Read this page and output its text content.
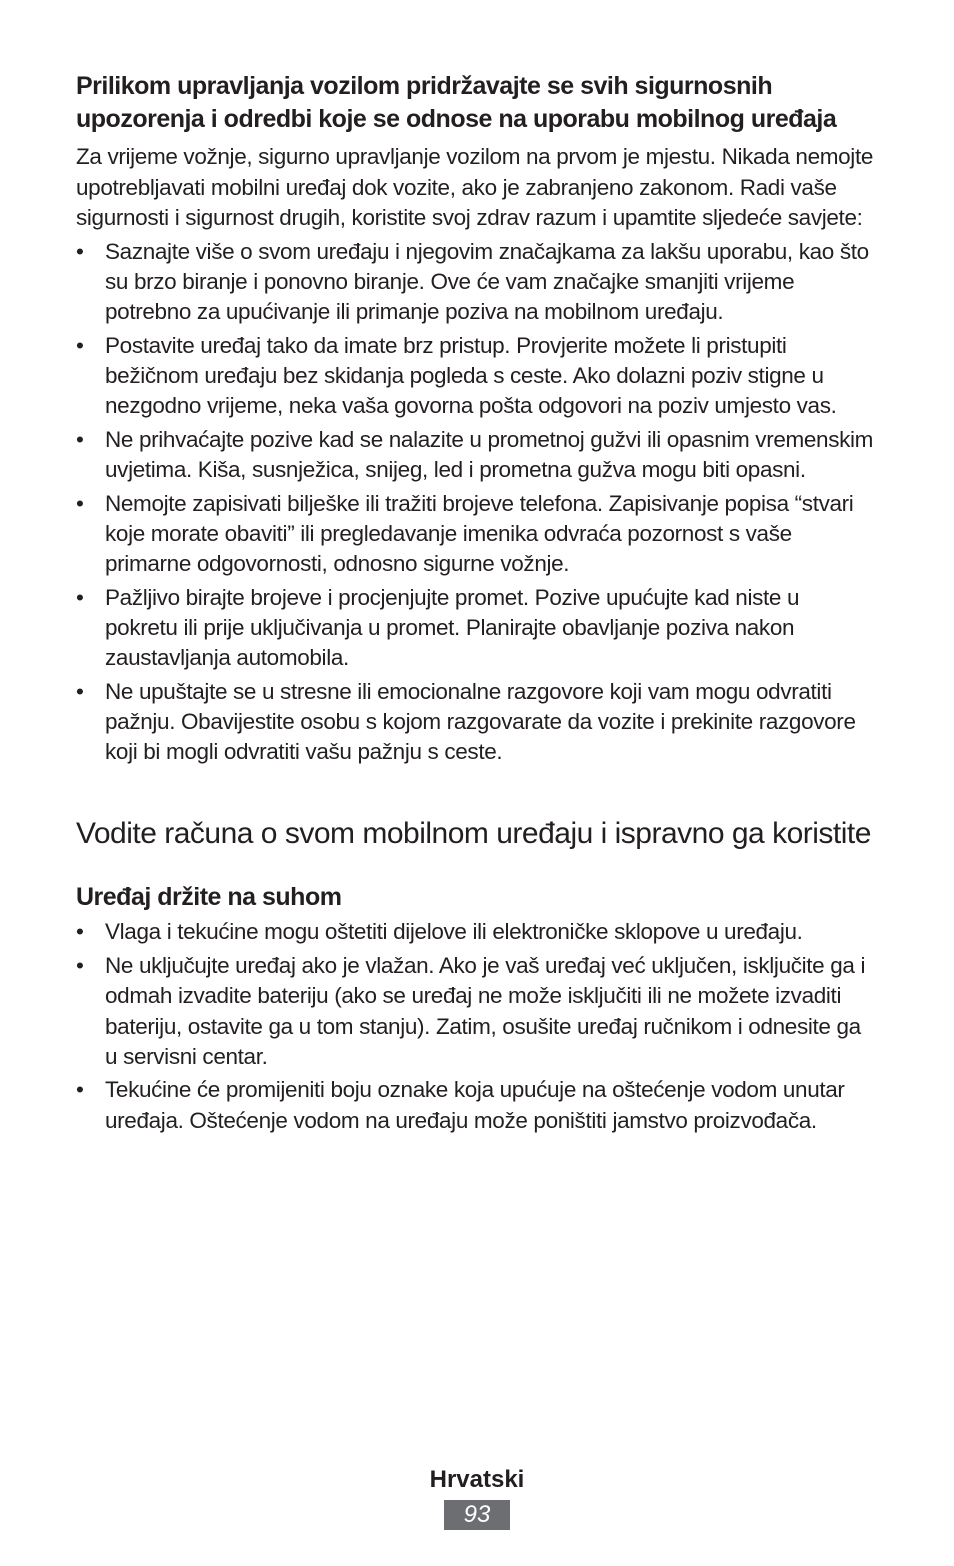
Prilikom upravljanja vozilom pridržavajte se svih sigurnosnih upozorenja i odredbi koje se odnose na uporabu mobilnog uređaja

Za vrijeme vožnje, sigurno upravljanje vozilom na prvom je mjestu. Nikada nemojte upotrebljavati mobilni uređaj dok vozite, ako je zabranjeno zakonom. Radi vaše sigurnosti i sigurnost drugih, koristite svoj zdrav razum i upamtite sljedeće savjete:

• Saznajte više o svom uređaju i njegovim značajkama za lakšu uporabu, kao što su brzo biranje i ponovno biranje. Ove će vam značajke smanjiti vrijeme potrebno za upućivanje ili primanje poziva na mobilnom uređaju.
• Postavite uređaj tako da imate brz pristup. Provjerite možete li pristupiti bežičnom uređaju bez skidanja pogleda s ceste. Ako dolazni poziv stigne u nezgodno vrijeme, neka vaša govorna pošta odgovori na poziv umjesto vas.
• Ne prihvaćajte pozive kad se nalazite u prometnoj gužvi ili opasnim vremenskim uvjetima. Kiša, susnježica, snijeg, led i prometna gužva mogu biti opasni.
• Nemojte zapisivati bilješke ili tražiti brojeve telefona. Zapisivanje popisa “stvari koje morate obaviti” ili pregledavanje imenika odvraća pozornost s vaše primarne odgovornosti, odnosno sigurne vožnje.
• Pažljivo birajte brojeve i procjenjujte promet. Pozive upućujte kad niste u pokretu ili prije uključivanja u promet. Planirajte obavljanje poziva nakon zaustavljanja automobila.
• Ne upuštajte se u stresne ili emocionalne razgovore koji vam mogu odvratiti pažnju. Obavijestite osobu s kojom razgovarate da vozite i prekinite razgovore koji bi mogli odvratiti vašu pažnju s ceste.
Vodite računa o svom mobilnom uređaju i ispravno ga koristite
Uređaj držite na suhom
• Vlaga i tekućine mogu oštetiti dijelove ili elektroničke sklopove u uređaju.
• Ne uključujte uređaj ako je vlažan. Ako je vaš uređaj već uključen, isključite ga i odmah izvadite bateriju (ako se uređaj ne može isključiti ili ne možete izvaditi bateriju, ostavite ga u tom stanju). Zatim, osušite uređaj ručnikom i odnesite ga u servisni centar.
• Tekućine će promijeniti boju oznake koja upućuje na oštećenje vodom unutar uređaja. Oštećenje vodom na uređaju može poništiti jamstvo proizvođača.
Hrvatski
93
